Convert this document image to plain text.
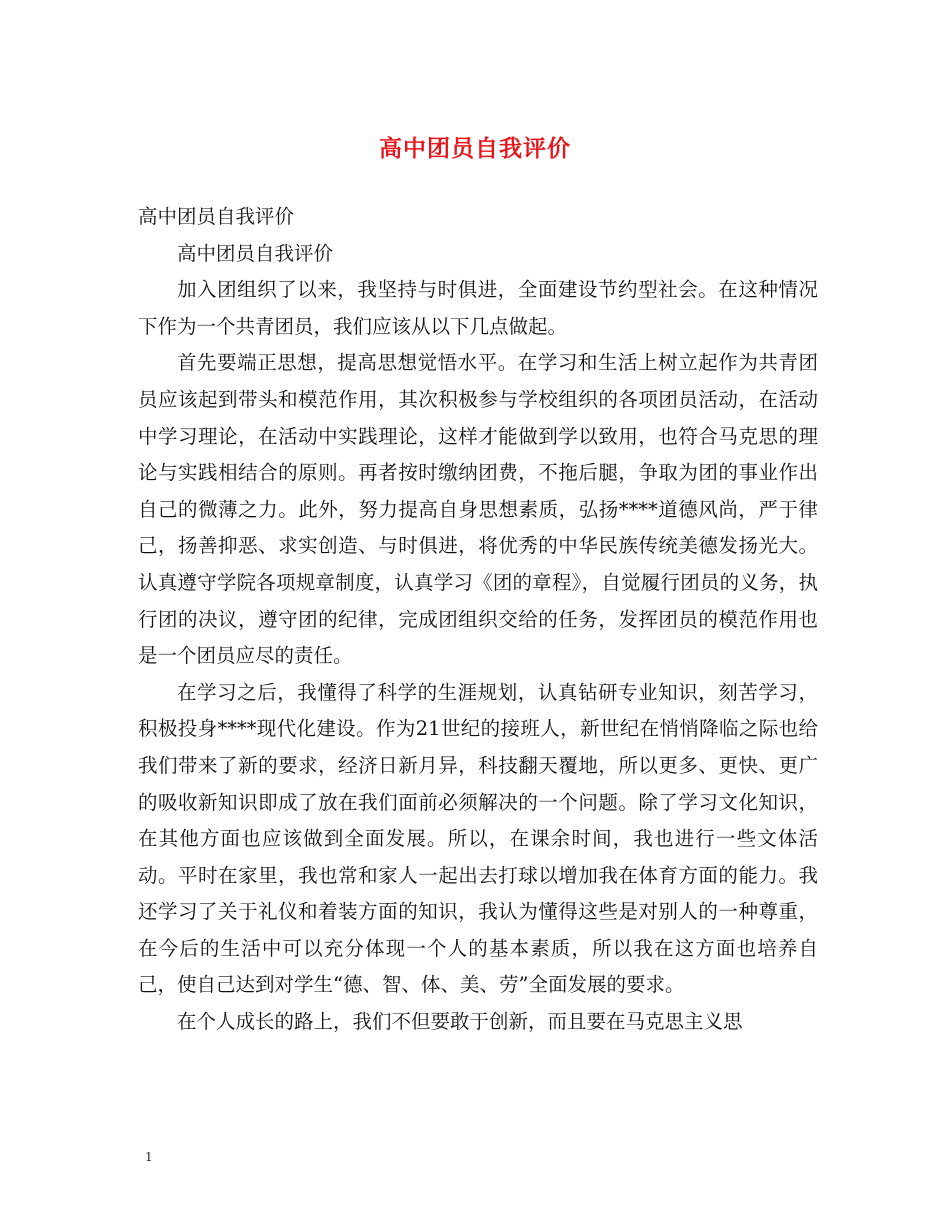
高中团员自我评价

高中团员自我评价

高中团员自我评价

加入团组织了以来，我坚持与时俱进，全面建设节约型社会。在这种情况下作为一个共青团员，我们应该从以下几点做起。

首先要端正思想，提高思想觉悟水平。在学习和生活上树立起作为共青团员应该起到带头和模范作用，其次积极参与学校组织的各项团员活动，在活动中学习理论，在活动中实践理论，这样才能做到学以致用，也符合马克思的理论与实践相结合的原则。再者按时缴纳团费，不拖后腿，争取为团的事业作出自己的微薄之力。此外，努力提高自身思想素质，弘扬****道德风尚，严于律己，扬善抑恶、求实创造、与时俱进，将优秀的中华民族传统美德发扬光大。认真遵守学院各项规章制度，认真学习《团的章程》，自觉履行团员的义务，执行团的决议，遵守团的纪律，完成团组织交给的任务，发挥团员的模范作用也是一个团员应尽的责任。

在学习之后，我懂得了科学的生涯规划，认真钻研专业知识，刻苦学习，积极投身****现代化建设。作为21世纪的接班人，新世纪在悄悄降临之际也给我们带来了新的要求，经济日新月异，科技翻天覆地，所以更多、更快、更广的吸收新知识即成了放在我们面前必须解决的一个问题。除了学习文化知识，在其他方面也应该做到全面发展。所以，在课余时间，我也进行一些文体活动。平时在家里，我也常和家人一起出去打球以增加我在体育方面的能力。我还学习了关于礼仪和着装方面的知识，我认为懂得这些是对别人的一种尊重，在今后的生活中可以充分体现一个人的基本素质，所以我在这方面也培养自己，使自己达到对学生“德、智、体、美、劳”全面发展的要求。

在个人成长的路上，我们不但要敢于创新，而且要在马克思主义思

1
